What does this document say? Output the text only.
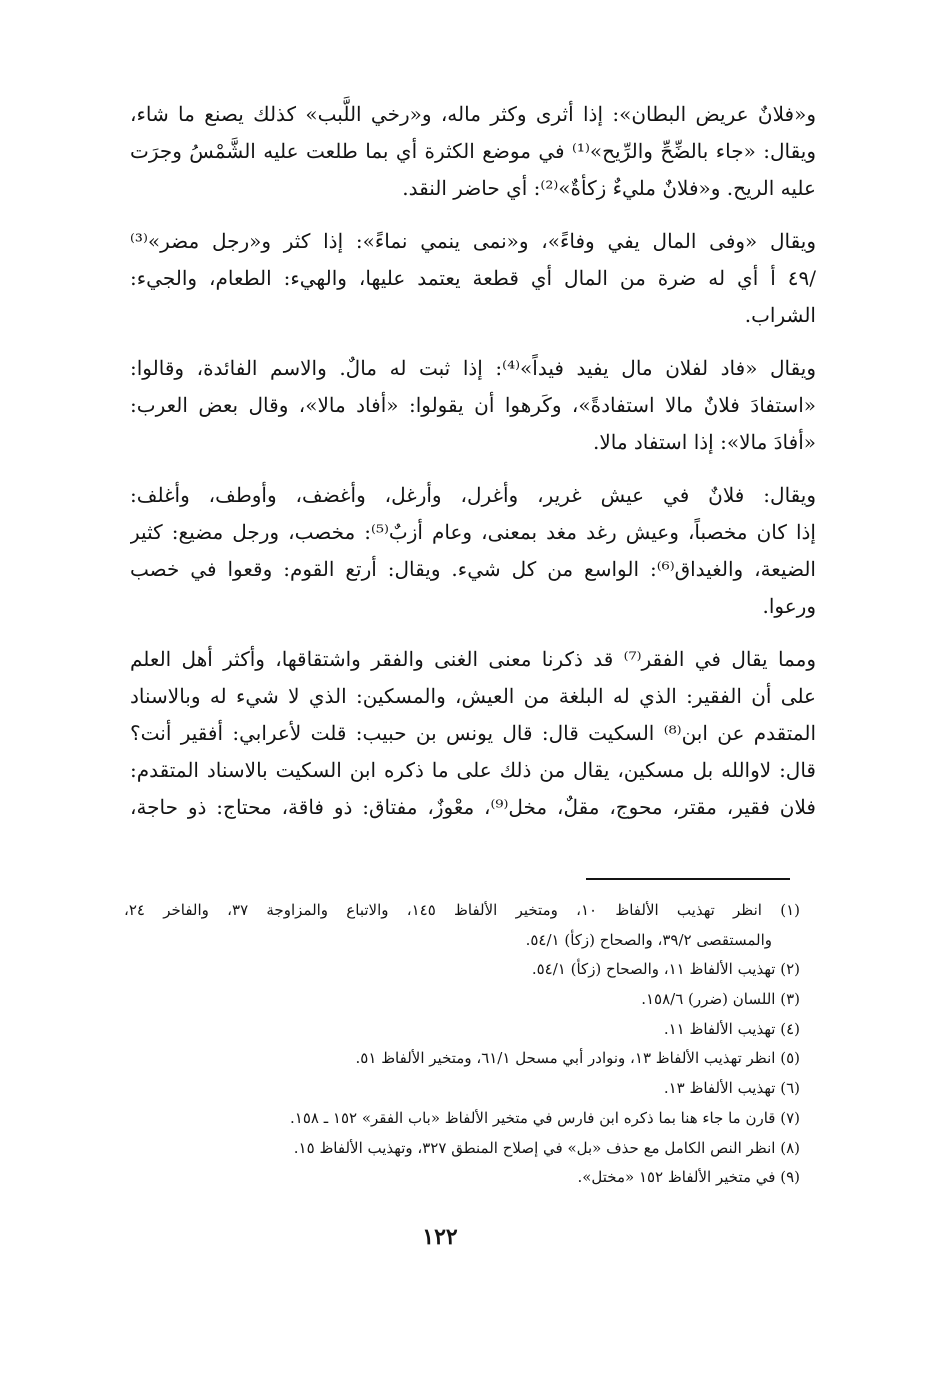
و«فلانٌ عريض البطان»: إذا أثرى وكثر ماله، و«رخي اللَّبب» كذلك يصنع ما شاء،
ويقال: «جاء بالضِّحِّ والرِّيح»⁽¹⁾ في موضع الكثرة أي بما طلعت عليه الشَّمْسُ وجرَت
عليه الريح. و«فلانٌ مليءٌ زكأةٌ»⁽²⁾: أي حاضر النقد.
ويقال «وفى المال يفي وفاءً»، و«نمى ينمي نماءً»: إذا كثر و«رجل مضر»⁽³⁾
/٤٩ أ أي له ضرة من المال أي قطعة يعتمد عليها، والهيء: الطعام، والجيء:
الشراب.
ويقال «فاد لفلان مال يفيد فيداً»⁽⁴⁾: إذا ثبت له مالٌ. والاسم الفائدة، وقالوا:
«استفادَ فلانٌ مالا استفادةً»، وكَرهوا أن يقولوا: «أفاد مالا»، وقال بعض العرب:
«أفادَ مالا»: إذا استفاد مالا.
ويقال: فلانٌ في عيش غرير، وأغرل، وأرغل، وأغضف، وأوطف، وأغلف:
إذا كان مخصباً، وعيش رغد مغد بمعنى، وعام أزبٌ⁽⁵⁾: مخصب، ورجل مضيع: كثير
الضيعة، والغيداق⁽⁶⁾: الواسع من كل شيء. ويقال: أرتع القوم: وقعوا في خصب
ورعوا.
ومما يقال في الفقر⁽⁷⁾ قد ذكرنا معنى الغنى والفقر واشتقاقها، وأكثر أهل العلم
على أن الفقير: الذي له البلغة من العيش، والمسكين: الذي لا شيء له وبالاسناد
المتقدم عن ابن⁽⁸⁾ السكيت قال: قال يونس بن حبيب: قلت لأعرابي: أفقير أنت؟
قال: لاوالله بل مسكين، يقال من ذلك على ما ذكره ابن السكيت بالاسناد المتقدم:
فلان فقير، مقتر، محوج، مقلٌ، مخل⁽⁹⁾، معْوزٌ، مفتاق: ذو فاقة، محتاج: ذو حاجة،
(١) انظر تهذيب الألفاظ ١٠، ومتخير الألفاظ ١٤٥، والاتباع والمزاوجة ٣٧، والفاخر ٢٤،
والمستقصى ٣٩/٢، والصحاح (زكأ) ٥٤/١.
(٢) تهذيب الألفاظ ١١، والصحاح (زكأ) ٥٤/١.
(٣) اللسان (ضرر) ١٥٨/٦.
(٤) تهذيب الألفاظ ١١.
(٥) انظر تهذيب الألفاظ ١٣، ونوادر أبي مسحل ٦١/١، ومتخير الألفاظ ٥١.
(٦) تهذيب الألفاظ ١٣.
(٧) قارن ما جاء هنا بما ذكره ابن فارس في متخير الألفاظ «باب الفقر» ١٥٢ ـ ١٥٨.
(٨) انظر النص الكامل مع حذف «بل» في إصلاح المنطق ٣٢٧، وتهذيب الألفاظ ١٥.
(٩) في متخير الألفاظ ١٥٢ «مختل».
١٢٢
